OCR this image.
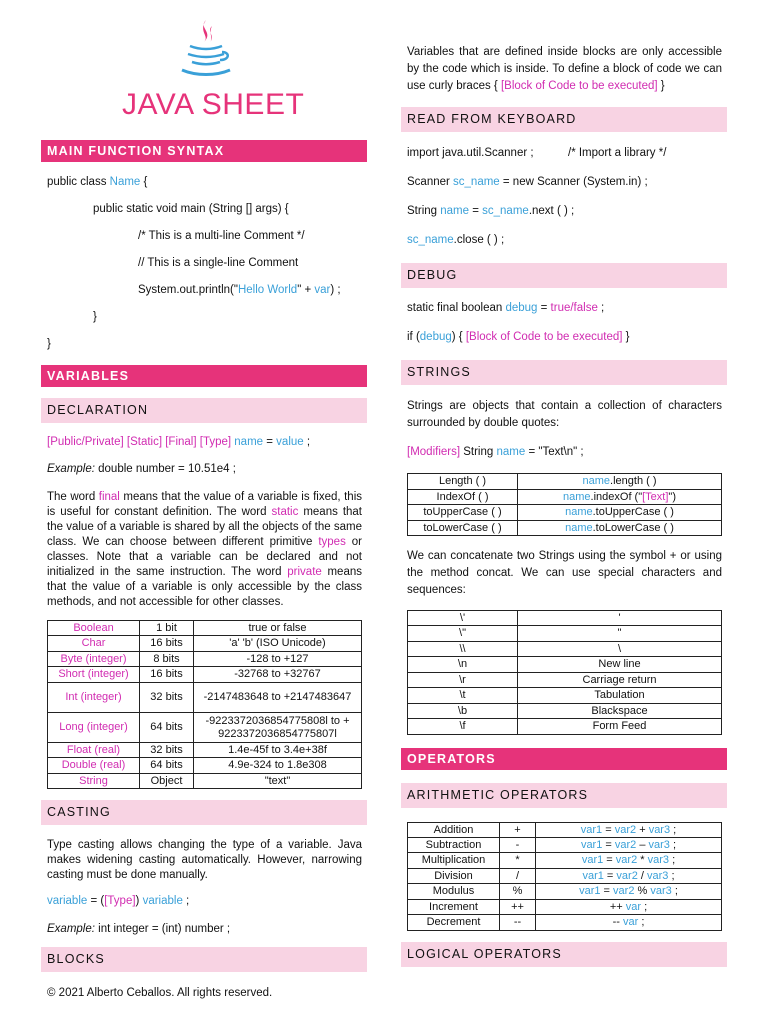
JAVA SHEET
MAIN FUNCTION SYNTAX
public class Name {
public static void main (String [] args) {
/* This is a multi-line Comment */
// This is a single-line Comment
System.out.println("Hello World" + var) ;
}
}
VARIABLES
DECLARATION
[Public/Private] [Static] [Final] [Type] name = value ;
Example: double number = 10.51e4 ;
The word final means that the value of a variable is fixed, this is useful for constant definition. The word static means that the value of a variable is shared by all the objects of the same class. We can choose between different primitive types or classes. Note that a variable can be declared and not initialized in the same instruction. The word private means that the value of a variable is only accessible by the class methods, and not accessible for other classes.
Boolean	1 bit	true or false
Char	16 bits	'a' 'b' (ISO Unicode)
Byte (integer)	8 bits	-128 to +127
Short (integer)	16 bits	-32768 to +32767
Int (integer)	32 bits	-2147483648 to +2147483647
Long (integer)	64 bits	-9223372036854775808l to + 9223372036854775807l
Float (real)	32 bits	1.4e-45f to 3.4e+38f
Double (real)	64 bits	4.9e-324 to 1.8e308
String	Object	"text"
CASTING
Type casting allows changing the type of a variable. Java makes widening casting automatically. However, narrowing casting must be done manually.
variable = ([Type]) variable ;
Example: int integer = (int) number ;
BLOCKS
© 2021 Alberto Ceballos. All rights reserved.
Variables that are defined inside blocks are only accessible by the code which is inside. To define a block of code we can use curly braces { [Block of Code to be executed] }
READ FROM KEYBOARD
import java.util.Scanner ;	/* Import a library */
Scanner sc_name = new Scanner (System.in) ;
String name = sc_name.next ( ) ;
sc_name.close ( ) ;
DEBUG
static final boolean debug = true/false ;
if (debug) { [Block of Code to be executed] }
STRINGS
Strings are objects that contain a collection of characters surrounded by double quotes:
[Modifiers] String name = "Text\n" ;
Length ( )	name.length ( )
IndexOf ( )	name.indexOf ("[Text]")
toUpperCase ( )	name.toUpperCase ( )
toLowerCase ( )	name.toLowerCase ( )
We can concatenate two Strings using the symbol + or using the method concat. We can use special characters and sequences:
\'	'
\"	"
\\	\
\n	New line
\r	Carriage return
\t	Tabulation
\b	Blackspace
\f	Form Feed
OPERATORS
ARITHMETIC OPERATORS
Addition	+	var1 = var2 + var3 ;
Subtraction	-	var1 = var2 – var3 ;
Multiplication	*	var1 = var2 * var3 ;
Division	/	var1 = var2 / var3 ;
Modulus	%	var1 = var2 % var3 ;
Increment	++	++ var ;
Decrement	--	-- var ;
LOGICAL OPERATORS
